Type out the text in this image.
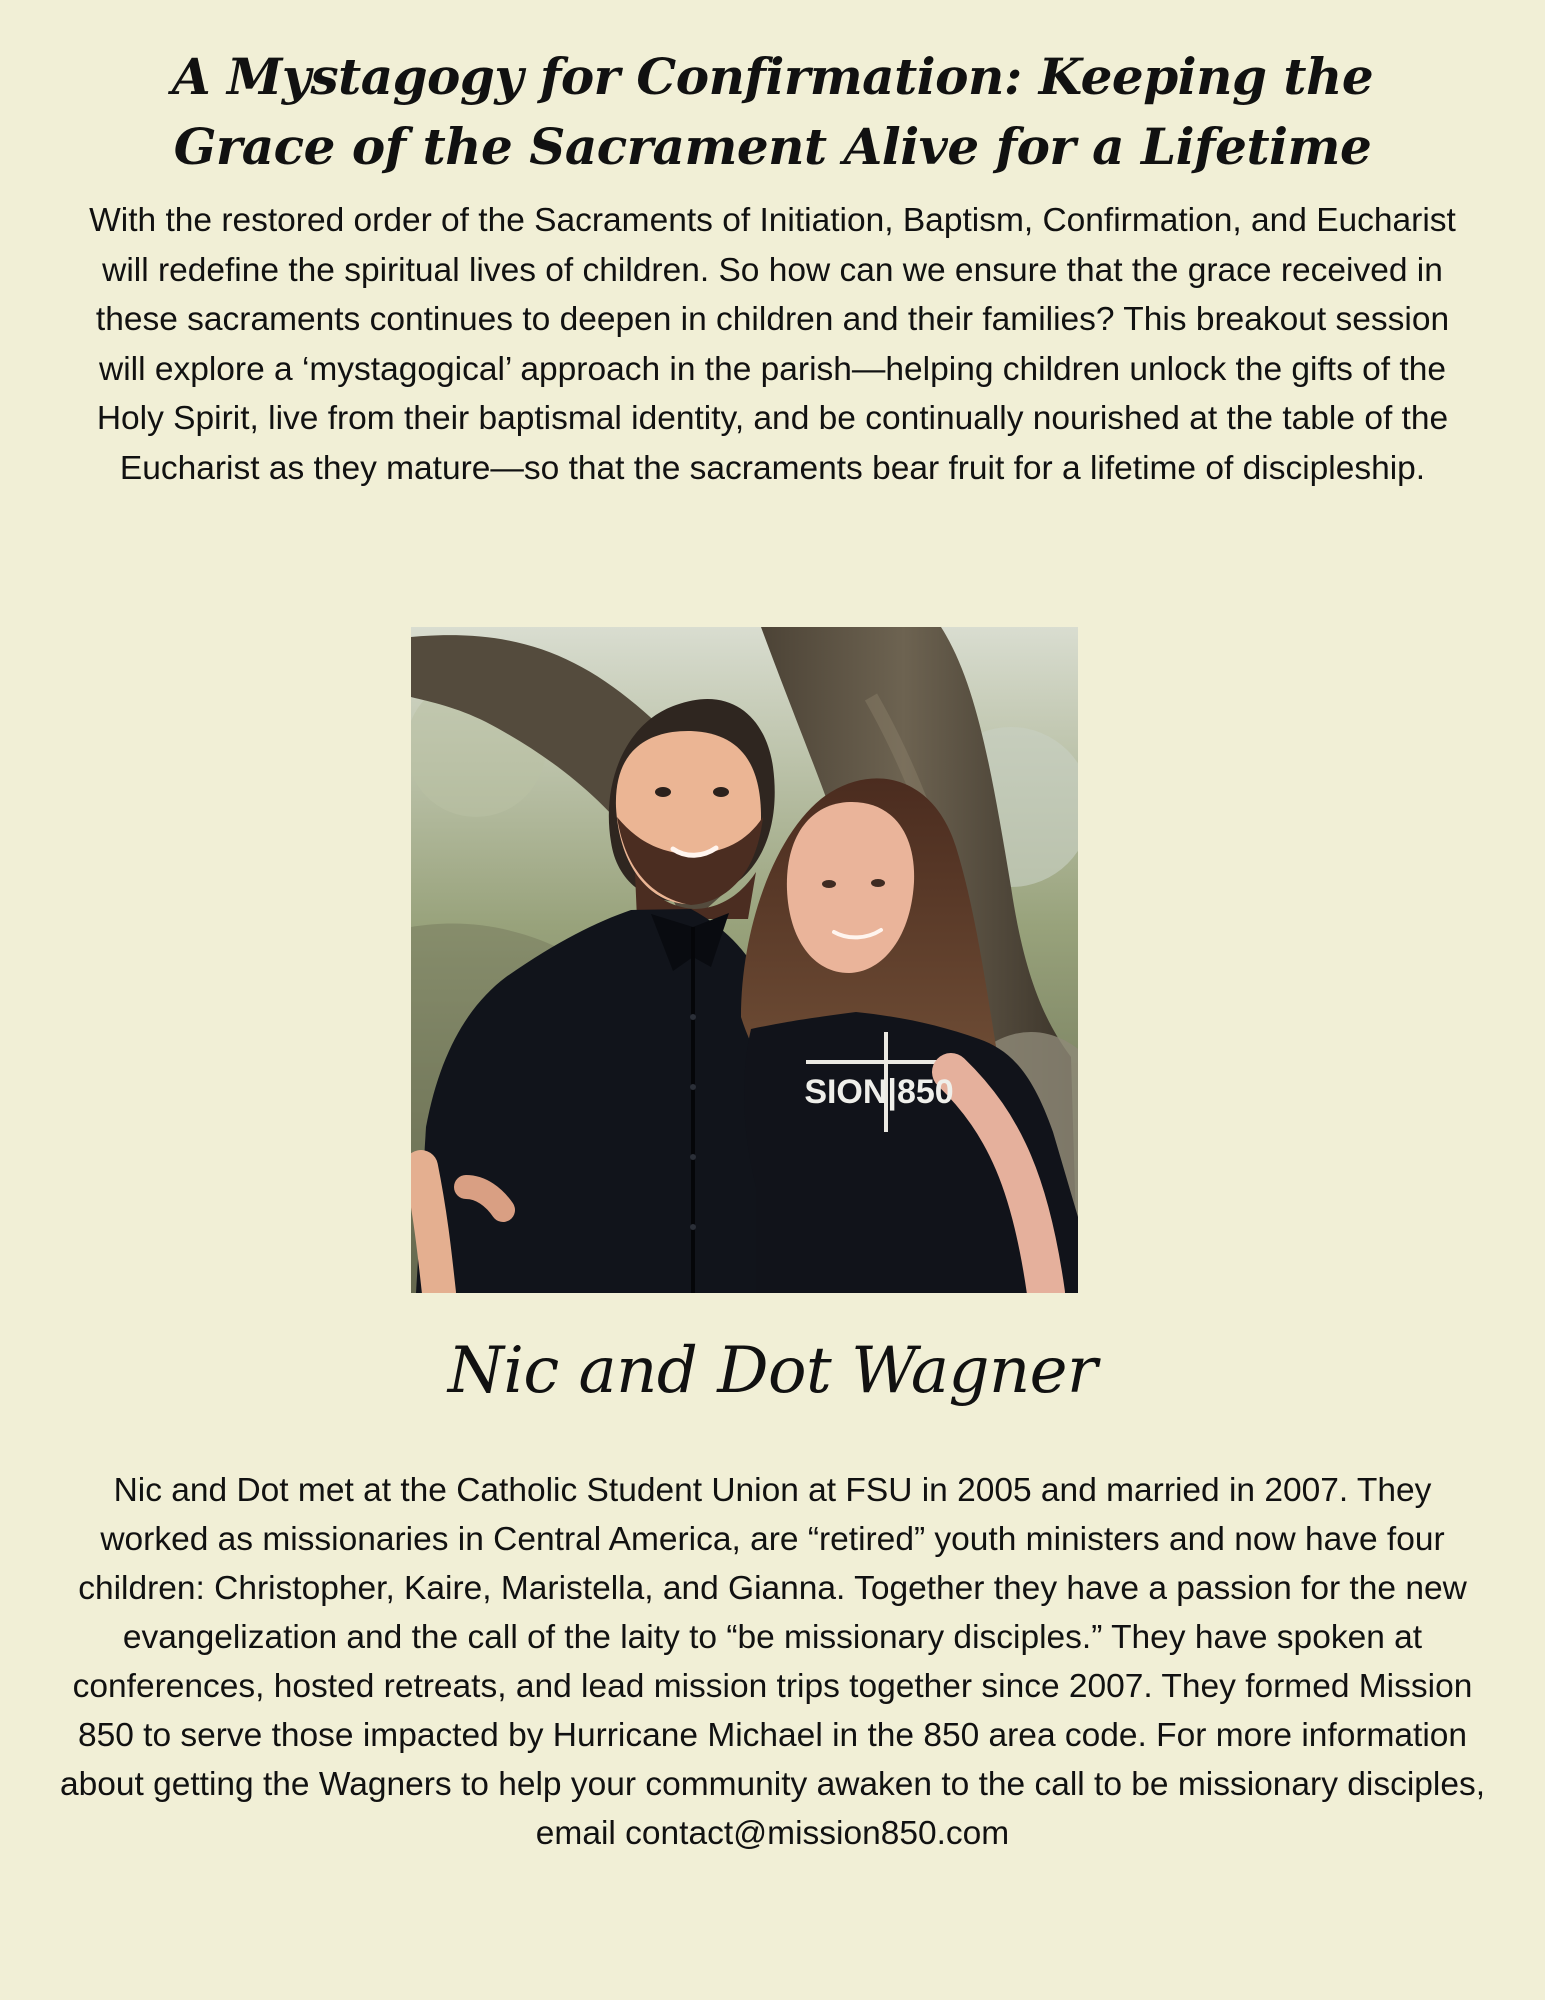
A Mystagogy for Confirmation: Keeping the Grace of the Sacrament Alive for a Lifetime

With the restored order of the Sacraments of Initiation, Baptism, Confirmation, and Eucharist will redefine the spiritual lives of children. So how can we ensure that the grace received in these sacraments continues to deepen in children and their families? This breakout session will explore a ‘mystagogical’ approach in the parish—helping children unlock the gifts of the Holy Spirit, live from their baptismal identity, and be continually nourished at the table of the Eucharist as they mature—so that the sacraments bear fruit for a lifetime of discipleship.

SION|850
Nic and Dot Wagner

Nic and Dot met at the Catholic Student Union at FSU in 2005 and married in 2007. They worked as missionaries in Central America, are “retired” youth ministers and now have four children: Christopher, Kaire, Maristella, and Gianna. Together they have a passion for the new evangelization and the call of the laity to “be missionary disciples.” They have spoken at conferences, hosted retreats, and lead mission trips together since 2007. They formed Mission 850 to serve those impacted by Hurricane Michael in the 850 area code. For more information about getting the Wagners to help your community awaken to the call to be missionary disciples, email contact@mission850.com
